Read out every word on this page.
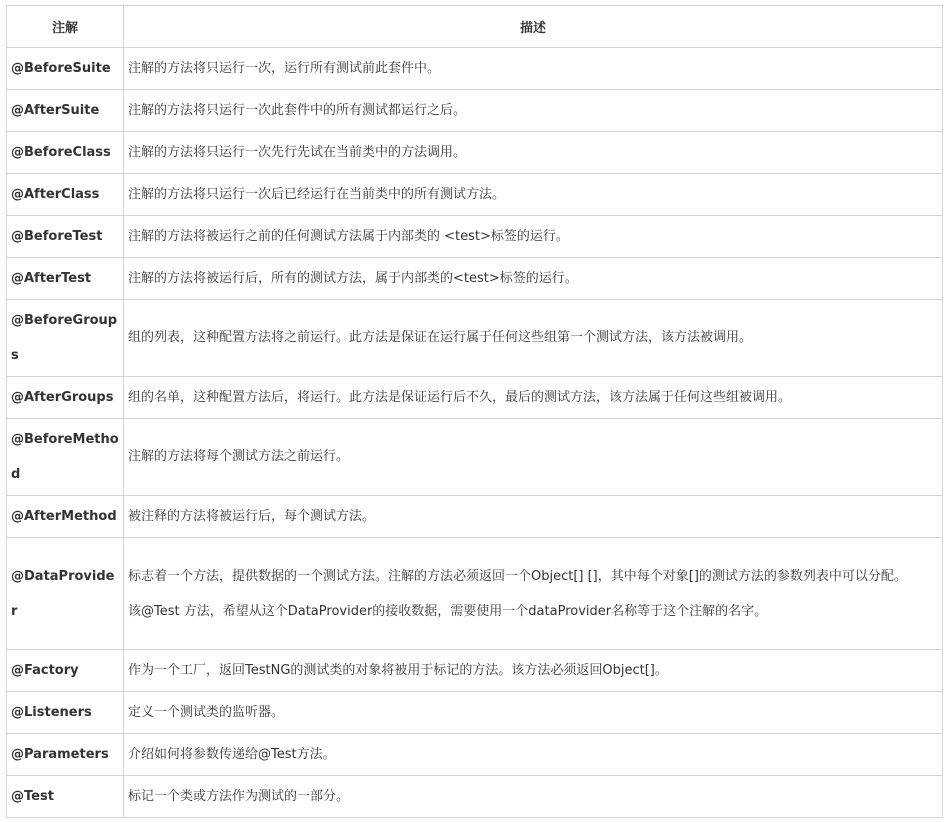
注解	描述
@BeforeSuite	注解的方法将只运行一次，运行所有测试前此套件中。
@AfterSuite	注解的方法将只运行一次此套件中的所有测试都运行之后。
@BeforeClass	注解的方法将只运行一次先行先试在当前类中的方法调用。
@AfterClass	注解的方法将只运行一次后已经运行在当前类中的所有测试方法。
@BeforeTest	注解的方法将被运行之前的任何测试方法属于内部类的 <test>标签的运行。
@AfterTest	注解的方法将被运行后，所有的测试方法，属于内部类的<test>标签的运行。
@BeforeGroups	组的列表，这种配置方法将之前运行。此方法是保证在运行属于任何这些组第一个测试方法，该方法被调用。
@AfterGroups	组的名单，这种配置方法后，将运行。此方法是保证运行后不久，最后的测试方法，该方法属于任何这些组被调用。
@BeforeMethod	注解的方法将每个测试方法之前运行。
@AfterMethod	被注释的方法将被运行后，每个测试方法。
@DataProvider	标志着一个方法，提供数据的一个测试方法。注解的方法必须返回一个Object[] []，其中每个对象[]的测试方法的参数列表中可以分配。

该@Test 方法，希望从这个DataProvider的接收数据，需要使用一个dataProvider名称等于这个注解的名字。

@Factory	作为一个工厂，返回TestNG的测试类的对象将被用于标记的方法。该方法必须返回Object[]。
@Listeners	定义一个测试类的监听器。
@Parameters	介绍如何将参数传递给@Test方法。
@Test	标记一个类或方法作为测试的一部分。
